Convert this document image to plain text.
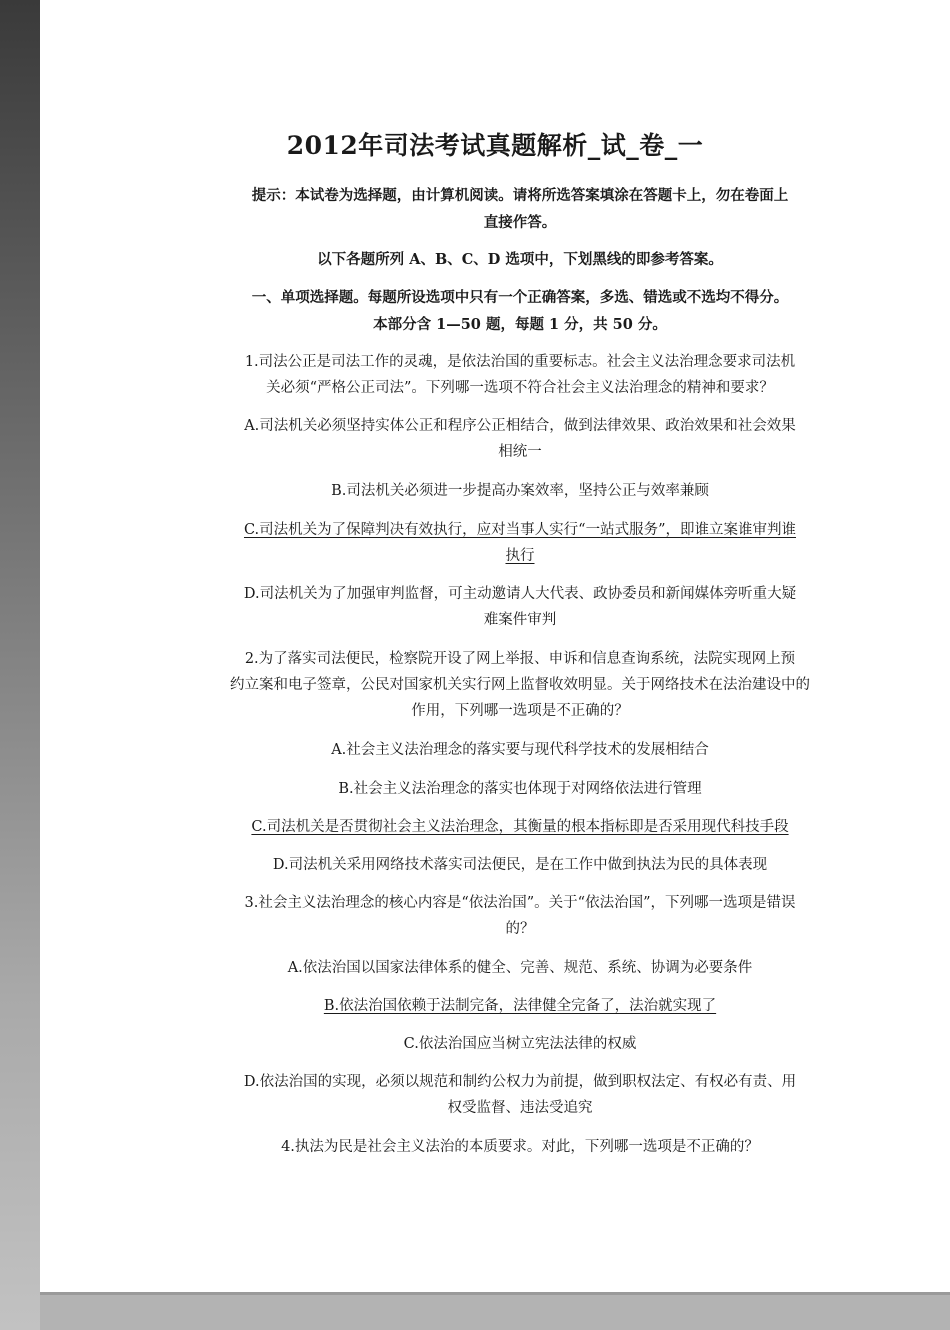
2012年司法考试真题解析_试_卷_一
提示：本试卷为选择题，由计算机阅读。请将所选答案填涂在答题卡上，勿在卷面上
直接作答。
以下各题所列 A、B、C、D 选项中，下划黑线的即参考答案。
一、单项选择题。每题所设选项中只有一个正确答案，多选、错选或不选均不得分。
本部分含 1—50 题，每题 1 分，共 50 分。
1.司法公正是司法工作的灵魂，是依法治国的重要标志。社会主义法治理念要求司法机
关必须“严格公正司法”。下列哪一选项不符合社会主义法治理念的精神和要求？
A.司法机关必须坚持实体公正和程序公正相结合，做到法律效果、政治效果和社会效果
相统一
B.司法机关必须进一步提高办案效率，坚持公正与效率兼顾
C.司法机关为了保障判决有效执行，应对当事人实行“一站式服务”，即谁立案谁审判谁
执行
D.司法机关为了加强审判监督，可主动邀请人大代表、政协委员和新闻媒体旁听重大疑
难案件审判
2.为了落实司法便民，检察院开设了网上举报、申诉和信息查询系统，法院实现网上预
约立案和电子签章，公民对国家机关实行网上监督收效明显。关于网络技术在法治建设中的
作用，下列哪一选项是不正确的？
A.社会主义法治理念的落实要与现代科学技术的发展相结合
B.社会主义法治理念的落实也体现于对网络依法进行管理
C.司法机关是否贯彻社会主义法治理念，其衡量的根本指标即是否采用现代科技手段
D.司法机关采用网络技术落实司法便民，是在工作中做到执法为民的具体表现
3.社会主义法治理念的核心内容是“依法治国”。关于“依法治国”，下列哪一选项是错误
的？
A.依法治国以国家法律体系的健全、完善、规范、系统、协调为必要条件
B.依法治国依赖于法制完备，法律健全完备了，法治就实现了
C.依法治国应当树立宪法法律的权威
D.依法治国的实现，必须以规范和制约公权力为前提，做到职权法定、有权必有责、用
权受监督、违法受追究
4.执法为民是社会主义法治的本质要求。对此，下列哪一选项是不正确的？
